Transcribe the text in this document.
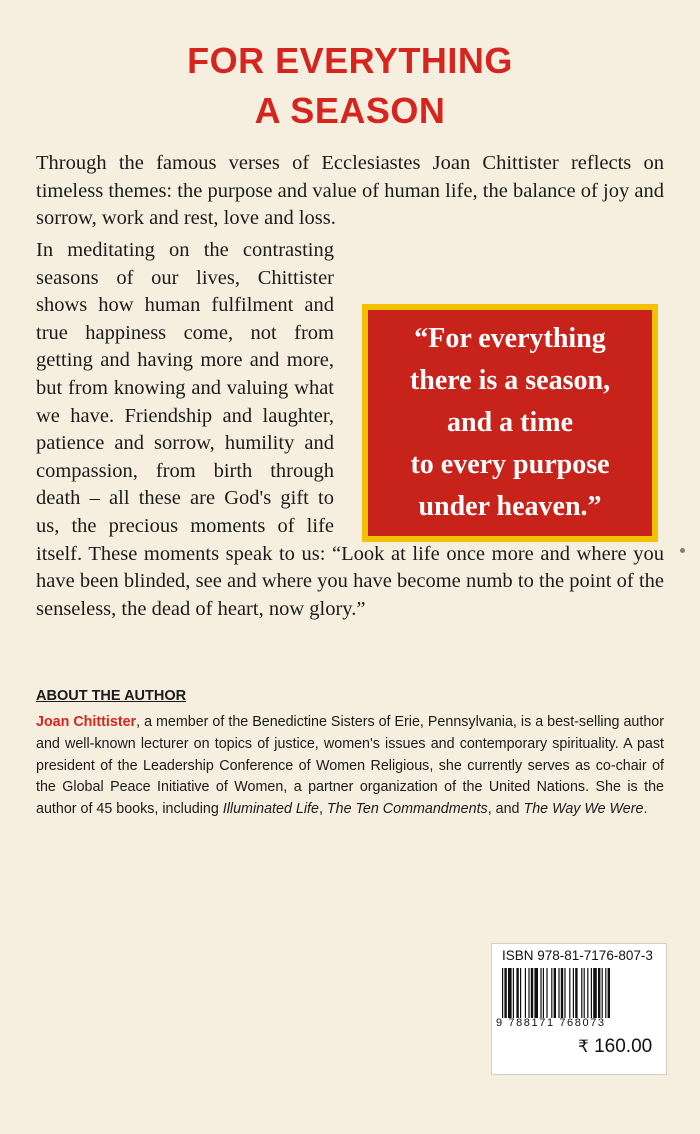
FOR EVERYTHING
A SEASON
Through the famous verses of Ecclesiastes Joan Chittister reflects on timeless themes: the purpose and value of human life, the balance of joy and sorrow, work and rest, love and loss.
In meditating on the contrasting seasons of our lives, Chittister shows how human fulfilment and true happiness come, not from getting and having more and more, but from knowing and valuing what we have. Friendship and laughter, patience and sorrow, humility and compassion, from birth through death – all these are God's gift to us, the precious moments of life itself. These moments speak to us: “Look at life once more and where you have been blinded, see and where you have become numb to the point of the senseless, the dead of heart, now glory.”
“For everything
there is a season,
and a time
to every purpose
under heaven.”
ABOUT THE AUTHOR
Joan Chittister, a member of the Benedictine Sisters of Erie, Pennsylvania, is a best-selling author and well-known lecturer on topics of justice, women's issues and contemporary spirituality. A past president of the Leadership Conference of Women Religious, she currently serves as co-chair of the Global Peace Initiative of Women, a partner organization of the United Nations. She is the author of 45 books, including Illuminated Life, The Ten Commandments, and The Way We Were.
ISBN 978-81-7176-807-3
9 788171 768073
₹ 160.00
